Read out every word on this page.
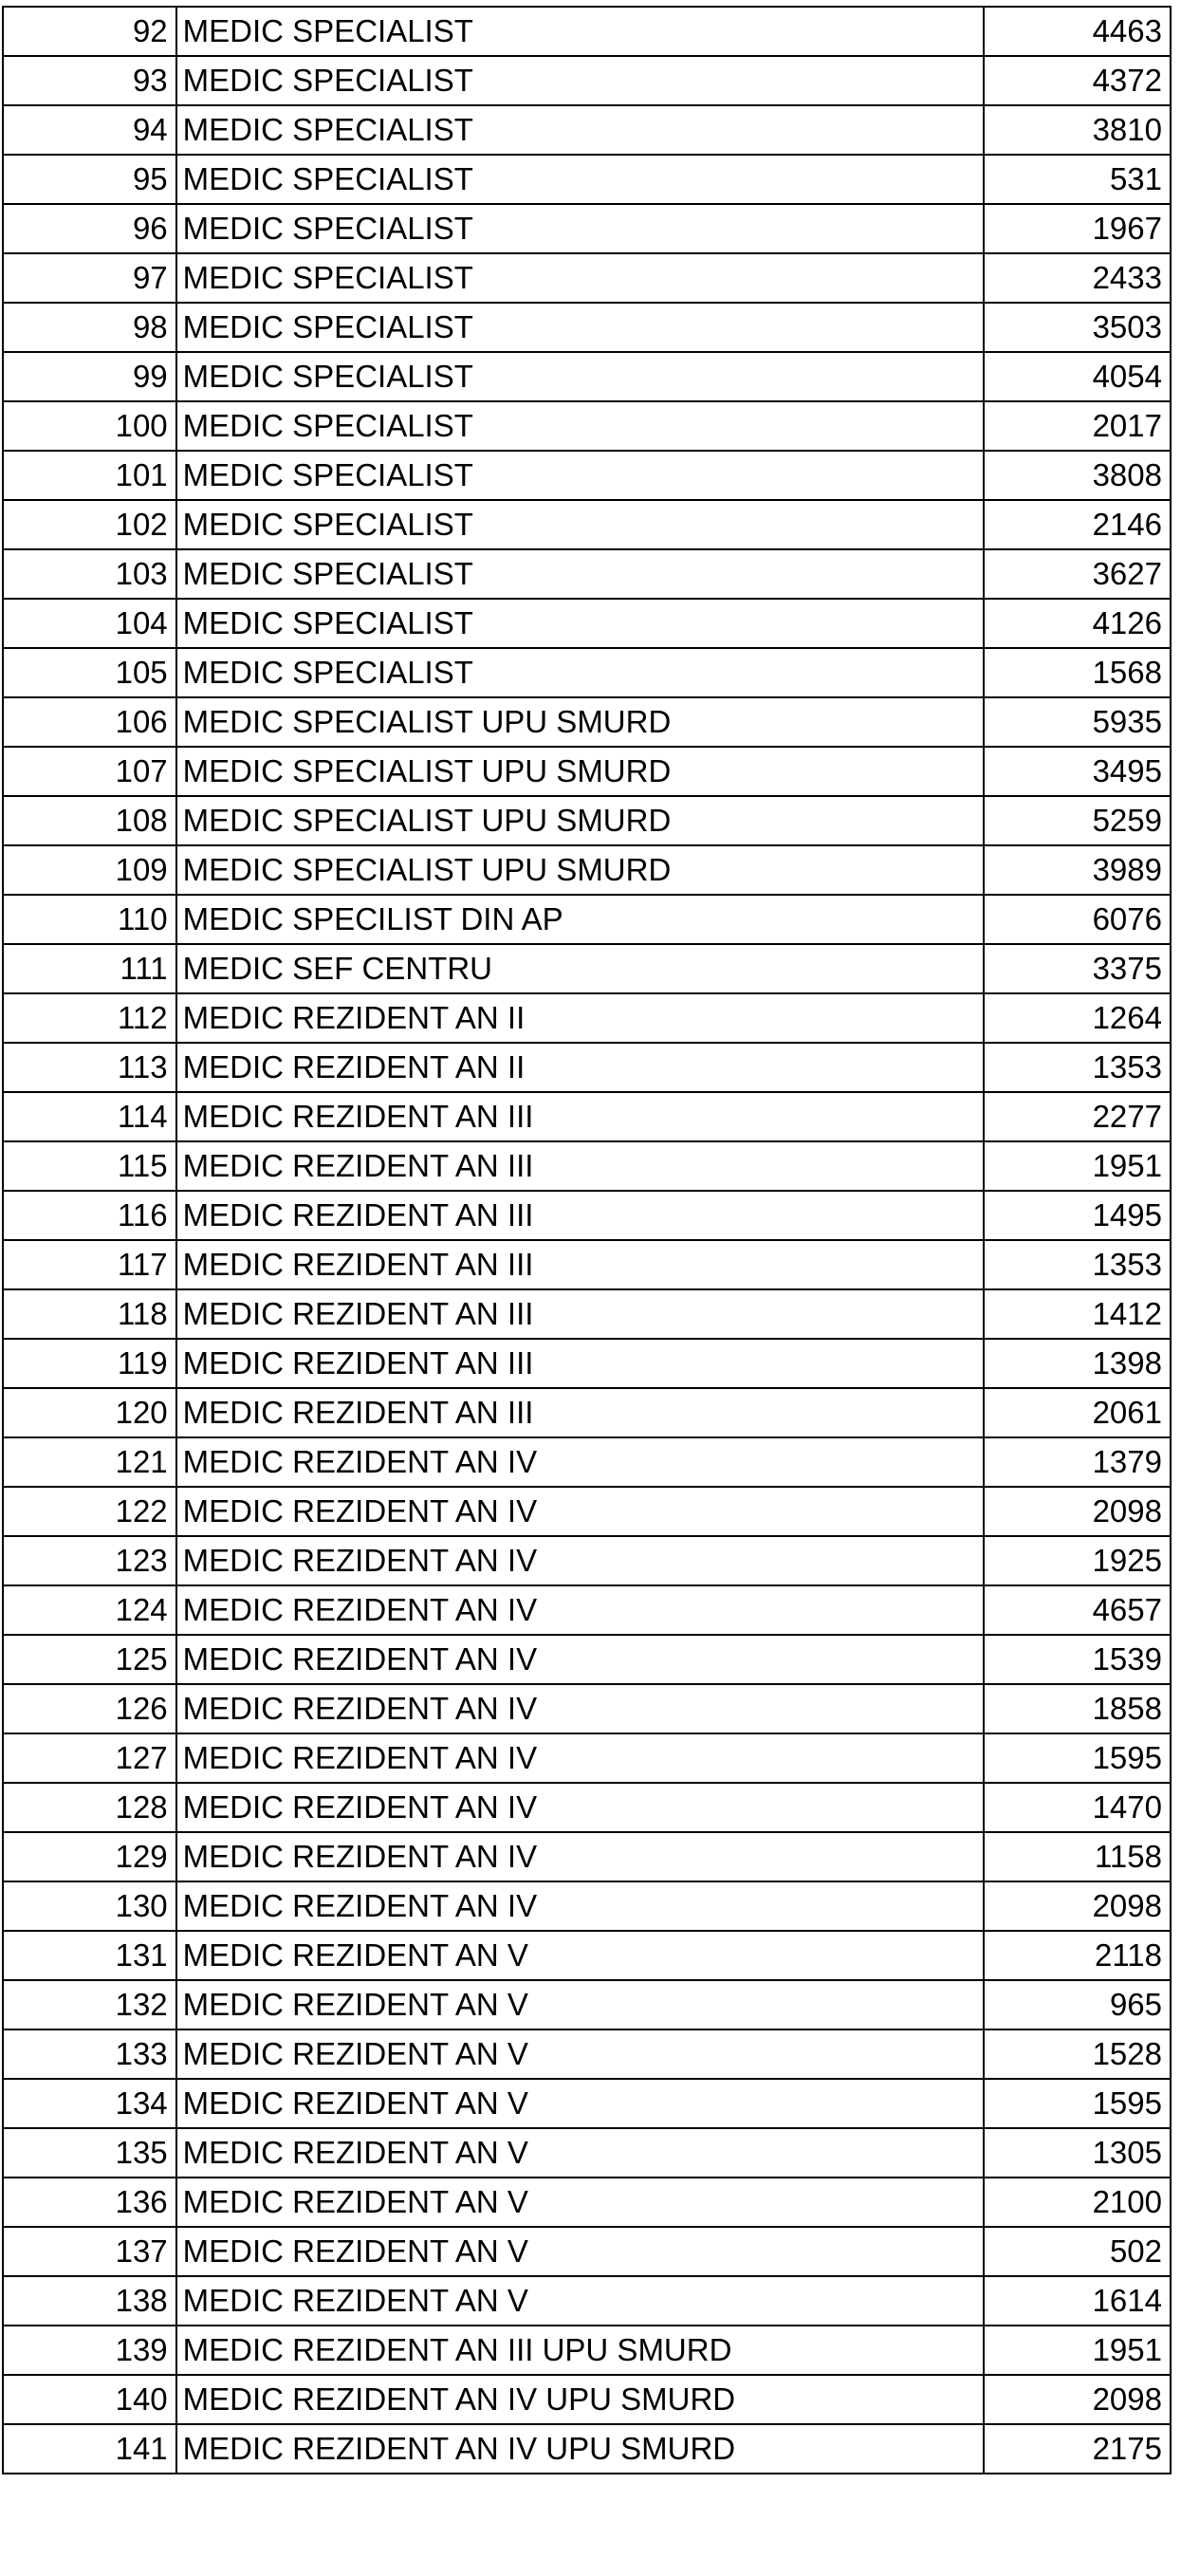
92	MEDIC SPECIALIST	4463
93	MEDIC SPECIALIST	4372
94	MEDIC SPECIALIST	3810
95	MEDIC SPECIALIST	531
96	MEDIC SPECIALIST	1967
97	MEDIC SPECIALIST	2433
98	MEDIC SPECIALIST	3503
99	MEDIC SPECIALIST	4054
100	MEDIC SPECIALIST	2017
101	MEDIC SPECIALIST	3808
102	MEDIC SPECIALIST	2146
103	MEDIC SPECIALIST	3627
104	MEDIC SPECIALIST	4126
105	MEDIC SPECIALIST	1568
106	MEDIC SPECIALIST UPU SMURD	5935
107	MEDIC SPECIALIST UPU SMURD	3495
108	MEDIC SPECIALIST UPU SMURD	5259
109	MEDIC SPECIALIST UPU SMURD	3989
110	MEDIC SPECILIST DIN AP	6076
111	MEDIC SEF CENTRU	3375
112	MEDIC REZIDENT AN II	1264
113	MEDIC REZIDENT AN II	1353
114	MEDIC REZIDENT AN III	2277
115	MEDIC REZIDENT AN III	1951
116	MEDIC REZIDENT AN III	1495
117	MEDIC REZIDENT AN III	1353
118	MEDIC REZIDENT AN III	1412
119	MEDIC REZIDENT AN III	1398
120	MEDIC REZIDENT AN III	2061
121	MEDIC REZIDENT AN IV	1379
122	MEDIC REZIDENT AN IV	2098
123	MEDIC REZIDENT AN IV	1925
124	MEDIC REZIDENT AN IV	4657
125	MEDIC REZIDENT AN IV	1539
126	MEDIC REZIDENT AN IV	1858
127	MEDIC REZIDENT AN IV	1595
128	MEDIC REZIDENT AN IV	1470
129	MEDIC REZIDENT AN IV	1158
130	MEDIC REZIDENT AN IV	2098
131	MEDIC REZIDENT AN V	2118
132	MEDIC REZIDENT AN V	965
133	MEDIC REZIDENT AN V	1528
134	MEDIC REZIDENT AN V	1595
135	MEDIC REZIDENT AN V	1305
136	MEDIC REZIDENT AN V	2100
137	MEDIC REZIDENT AN V	502
138	MEDIC REZIDENT AN V	1614
139	MEDIC REZIDENT AN III UPU SMURD	1951
140	MEDIC REZIDENT AN IV UPU SMURD	2098
141	MEDIC REZIDENT AN IV UPU SMURD	2175
